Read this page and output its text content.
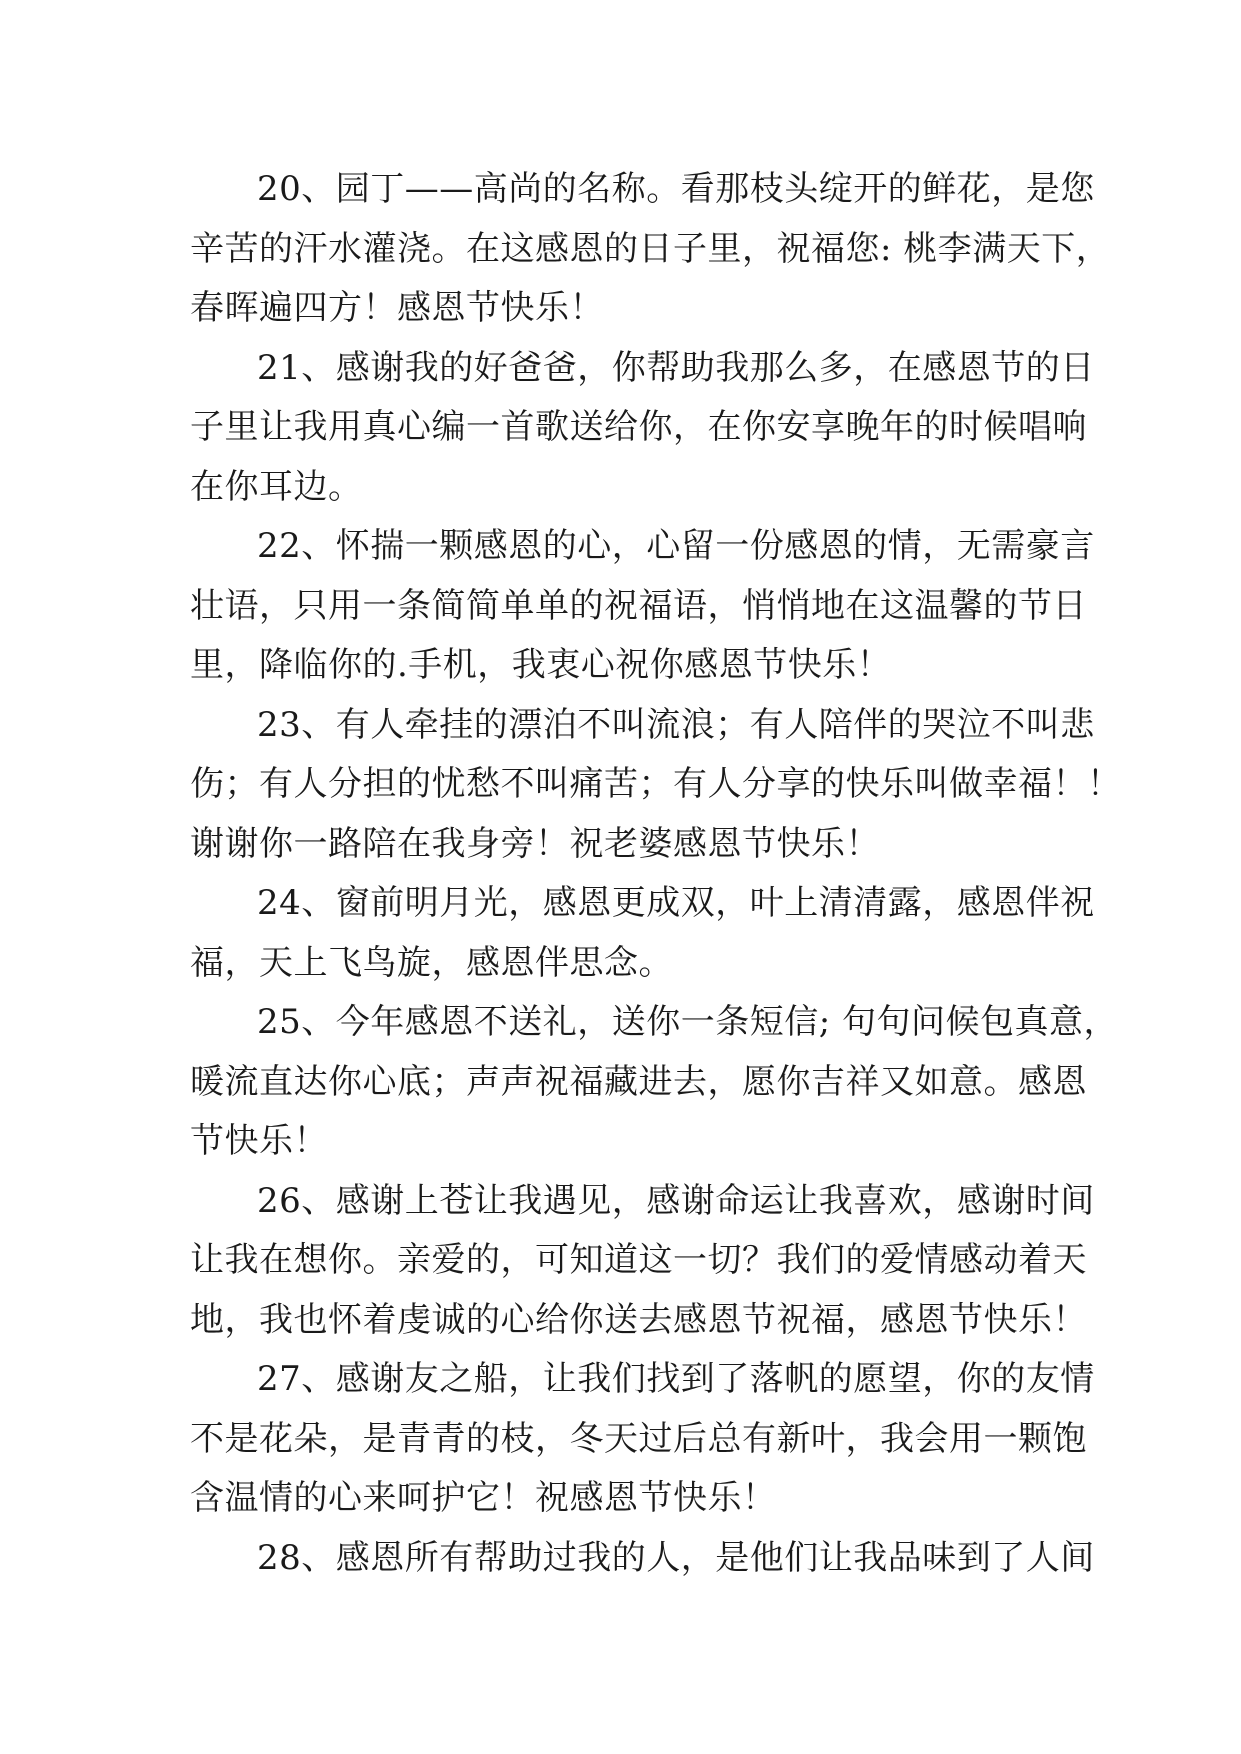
20、园丁——高尚的名称。看那枝头绽开的鲜花，是您
辛苦的汗水灌浇。在这感恩的日子里，祝福您: 桃李满天下，
春晖遍四方！感恩节快乐！
21、感谢我的好爸爸，你帮助我那么多，在感恩节的日
子里让我用真心编一首歌送给你，在你安享晚年的时候唱响
在你耳边。
22、怀揣一颗感恩的心，心留一份感恩的情，无需豪言
壮语，只用一条简简单单的祝福语，悄悄地在这温馨的节日
里，降临你的.手机，我衷心祝你感恩节快乐！
23、有人牵挂的漂泊不叫流浪；有人陪伴的哭泣不叫悲
伤；有人分担的忧愁不叫痛苦；有人分享的快乐叫做幸福！！
谢谢你一路陪在我身旁！祝老婆感恩节快乐！
24、窗前明月光，感恩更成双，叶上清清露，感恩伴祝
福，天上飞鸟旋，感恩伴思念。
25、今年感恩不送礼，送你一条短信; 句句问候包真意，
暖流直达你心底；声声祝福藏进去，愿你吉祥又如意。感恩
节快乐！
26、感谢上苍让我遇见，感谢命运让我喜欢，感谢时间
让我在想你。亲爱的，可知道这一切？我们的爱情感动着天
地，我也怀着虔诚的心给你送去感恩节祝福，感恩节快乐！
27、感谢友之船，让我们找到了落帆的愿望，你的友情
不是花朵，是青青的枝，冬天过后总有新叶，我会用一颗饱
含温情的心来呵护它！祝感恩节快乐！
28、感恩所有帮助过我的人，是他们让我品味到了人间
